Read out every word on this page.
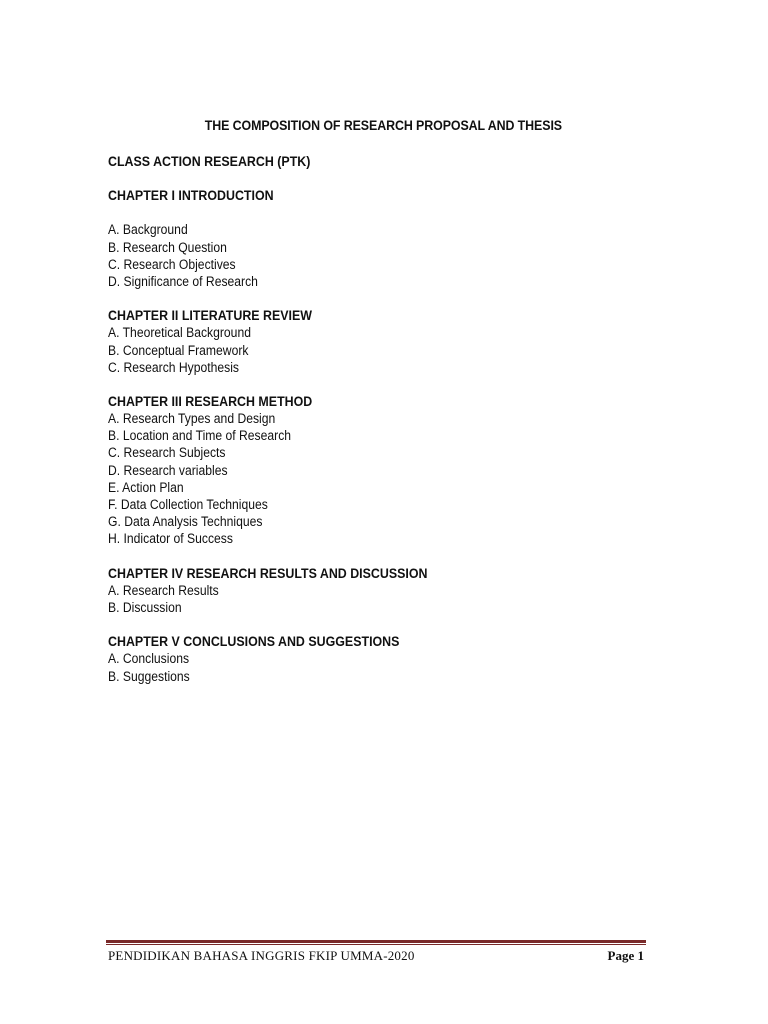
THE COMPOSITION OF RESEARCH PROPOSAL AND THESIS
CLASS ACTION RESEARCH (PTK)
CHAPTER I INTRODUCTION
A. Background
B. Research Question
C. Research Objectives
D. Significance of Research
CHAPTER II LITERATURE REVIEW
A. Theoretical Background
B. Conceptual Framework
C. Research Hypothesis
CHAPTER III RESEARCH METHOD
A. Research Types and Design
B. Location and Time of Research
C. Research Subjects
D. Research variables
E. Action Plan
F. Data Collection Techniques
G. Data Analysis Techniques
H. Indicator of Success
CHAPTER IV RESEARCH RESULTS AND DISCUSSION
A. Research Results
B. Discussion
CHAPTER V CONCLUSIONS AND SUGGESTIONS
A. Conclusions
B. Suggestions
PENDIDIKAN BAHASA INGGRIS FKIP UMMA-2020	Page 1
